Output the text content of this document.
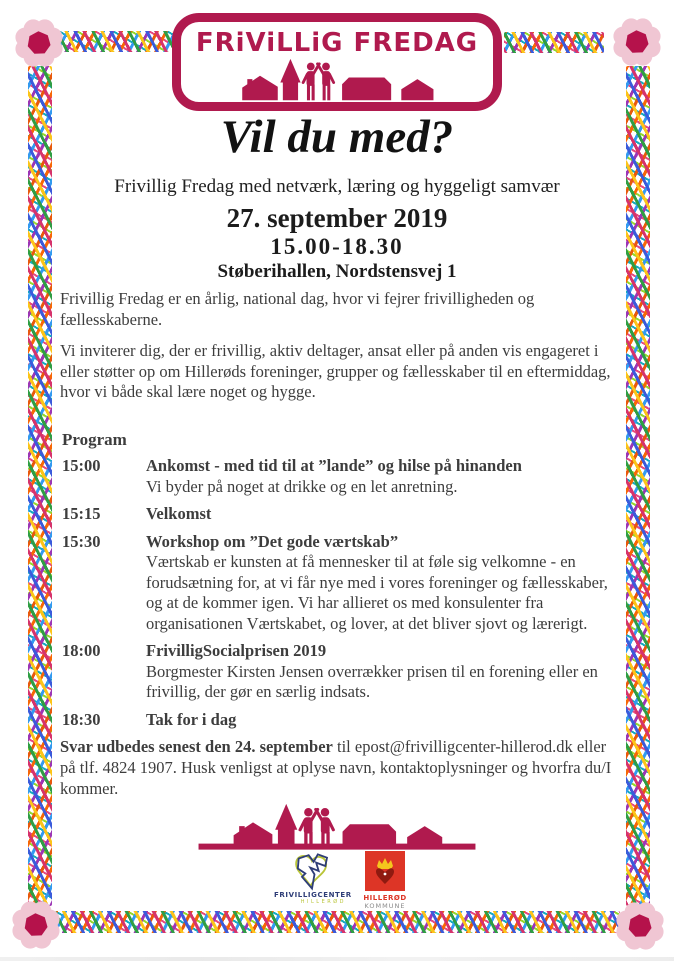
FRiViLLiG FREDAG
Vil du med?
Frivillig Fredag med netværk, læring og hyggeligt samvær
27. september 2019
15.00-18.30
Støberihallen, Nordstensvej 1
Frivillig Fredag er en årlig, national dag, hvor vi fejrer frivilligheden og fællesskaberne.
Vi inviterer dig, der er frivillig, aktiv deltager, ansat eller på anden vis engageret i eller støtter op om Hillerøds foreninger, grupper og fællesskaber til en eftermiddag, hvor vi både skal lære noget og hygge.
Program
15:00	Ankomst - med tid til at ”lande” og hilse på hinanden
Vi byder på noget at drikke og en let anretning.
15:15	Velkomst
15:30	Workshop om ”Det gode værtskab”
Værtskab er kunsten at få mennesker til at føle sig velkomne - en forudsætning for, at vi får nye med i vores foreninger og fællesskaber, og at de kommer igen. Vi har allieret os med konsulenter fra organisationen Værtskabet, og lover, at det bliver sjovt og lærerigt.
18:00	FrivilligSocialprisen 2019
Borgmester Kirsten Jensen overrækker prisen til en forening eller en frivillig, der gør en særlig indsats.
18:30	Tak for i dag
Svar udbedes senest den 24. september til epost@frivilligcenter-hillerod.dk eller på tlf. 4824 1907. Husk venligst at oplyse navn, kontaktoplysninger og hvorfra du/I kommer.
FRIVILLIGCENTER
HILLERØD	HILLERØD
KOMMUNE
